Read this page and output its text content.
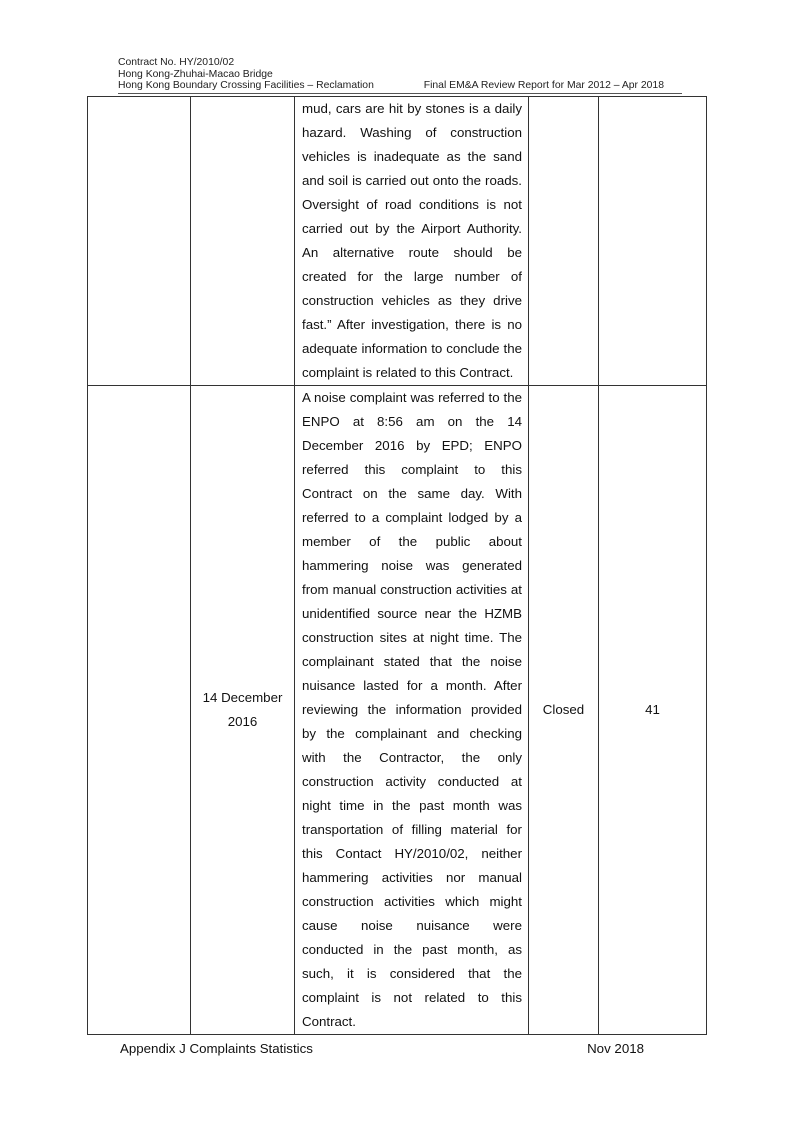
Contract No. HY/2010/02
Hong Kong-Zhuhai-Macao Bridge
Hong Kong Boundary Crossing Facilities – Reclamation	Final EM&A Review Report for Mar 2012 – Apr 2018

		mud, cars are hit by stones is a daily hazard. Washing of construction vehicles is inadequate as the sand and soil is carried out onto the roads. Oversight of road conditions is not carried out by the Airport Authority. An alternative route should be created for the large number of construction vehicles as they drive fast.” After investigation, there is no adequate information to conclude the complaint is related to this Contract.		

	14 December 2016	A noise complaint was referred to the ENPO at 8:56 am on the 14 December 2016 by EPD; ENPO referred this complaint to this Contract on the same day. With referred to a complaint lodged by a member of the public about hammering noise was generated from manual construction activities at unidentified source near the HZMB construction sites at night time. The complainant stated that the noise nuisance lasted for a month. After reviewing the information provided by the complainant and checking with the Contractor, the only construction activity conducted at night time in the past month was transportation of filling material for this Contact HY/2010/02, neither hammering activities nor manual construction activities which might cause noise nuisance were conducted in the past month, as such, it is considered that the complaint is not related to this Contract.	Closed	41
Appendix J Complaints Statistics	Nov 2018
